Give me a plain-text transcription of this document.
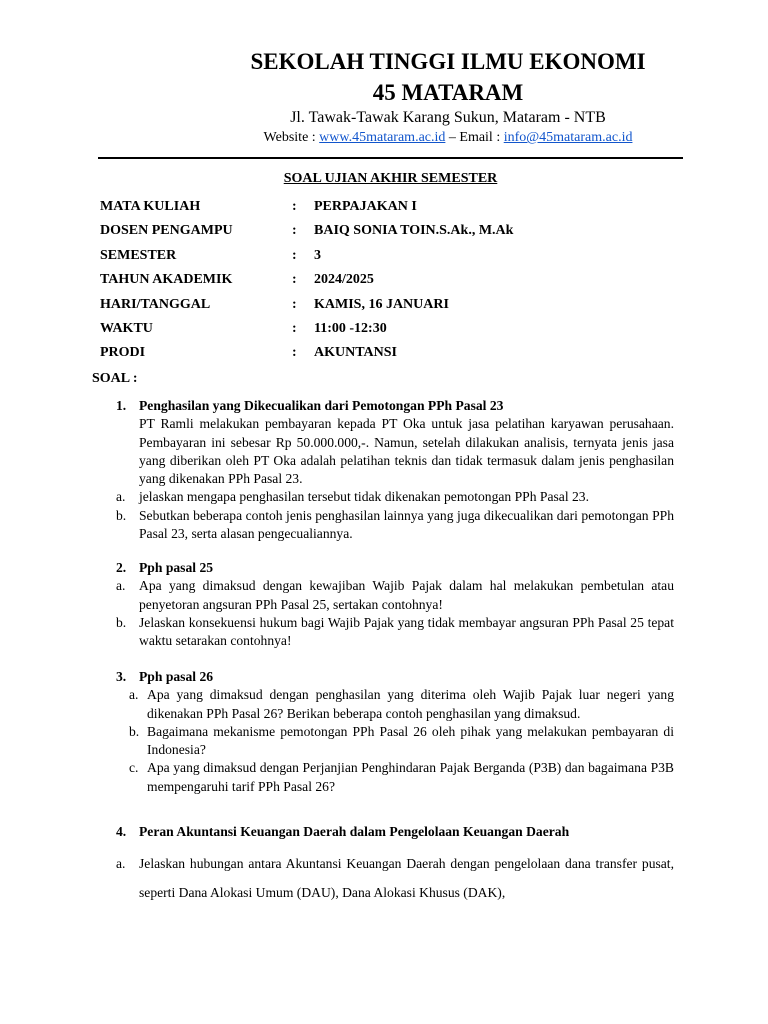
SEKOLAH TINGGI ILMU EKONOMI
45 MATARAM
Jl. Tawak-Tawak Karang Sukun, Mataram - NTB
Website : www.45mataram.ac.id – Email : info@45mataram.ac.id
SOAL UJIAN AKHIR SEMESTER
MATA KULIAH	: PERPAJAKAN I
DOSEN PENGAMPU	: BAIQ SONIA TOIN.S.Ak., M.Ak
SEMESTER	: 3
TAHUN AKADEMIK	: 2024/2025
HARI/TANGGAL	: KAMIS, 16 JANUARI
WAKTU	: 11:00 -12:30
PRODI	: AKUNTANSI
SOAL :
1. Penghasilan yang Dikecualikan dari Pemotongan PPh Pasal 23

PT Ramli melakukan pembayaran kepada PT Oka untuk jasa pelatihan karyawan perusahaan. Pembayaran ini sebesar Rp 50.000.000,-. Namun, setelah dilakukan analisis, ternyata jenis jasa yang diberikan oleh PT Oka adalah pelatihan teknis dan tidak termasuk dalam jenis penghasilan yang dikenakan PPh Pasal 23.

a. jelaskan mengapa penghasilan tersebut tidak dikenakan pemotongan PPh Pasal 23.
b. Sebutkan beberapa contoh jenis penghasilan lainnya yang juga dikecualikan dari pemotongan PPh Pasal 23, serta alasan pengecualiannya.
2. Pph pasal 25
a. Apa yang dimaksud dengan kewajiban Wajib Pajak dalam hal melakukan pembetulan atau penyetoran angsuran PPh Pasal 25, sertakan contohnya!
b. Jelaskan konsekuensi hukum bagi Wajib Pajak yang tidak membayar angsuran PPh Pasal 25 tepat waktu setarakan contohnya!
3. Pph pasal 26
a. Apa yang dimaksud dengan penghasilan yang diterima oleh Wajib Pajak luar negeri yang dikenakan PPh Pasal 26? Berikan beberapa contoh penghasilan yang dimaksud.
b. Bagaimana mekanisme pemotongan PPh Pasal 26 oleh pihak yang melakukan pembayaran di Indonesia?
c. Apa yang dimaksud dengan Perjanjian Penghindaran Pajak Berganda (P3B) dan bagaimana P3B mempengaruhi tarif PPh Pasal 26?
4. Peran Akuntansi Keuangan Daerah dalam Pengelolaan Keuangan Daerah
a. Jelaskan hubungan antara Akuntansi Keuangan Daerah dengan pengelolaan dana transfer pusat, seperti Dana Alokasi Umum (DAU), Dana Alokasi Khusus (DAK),
